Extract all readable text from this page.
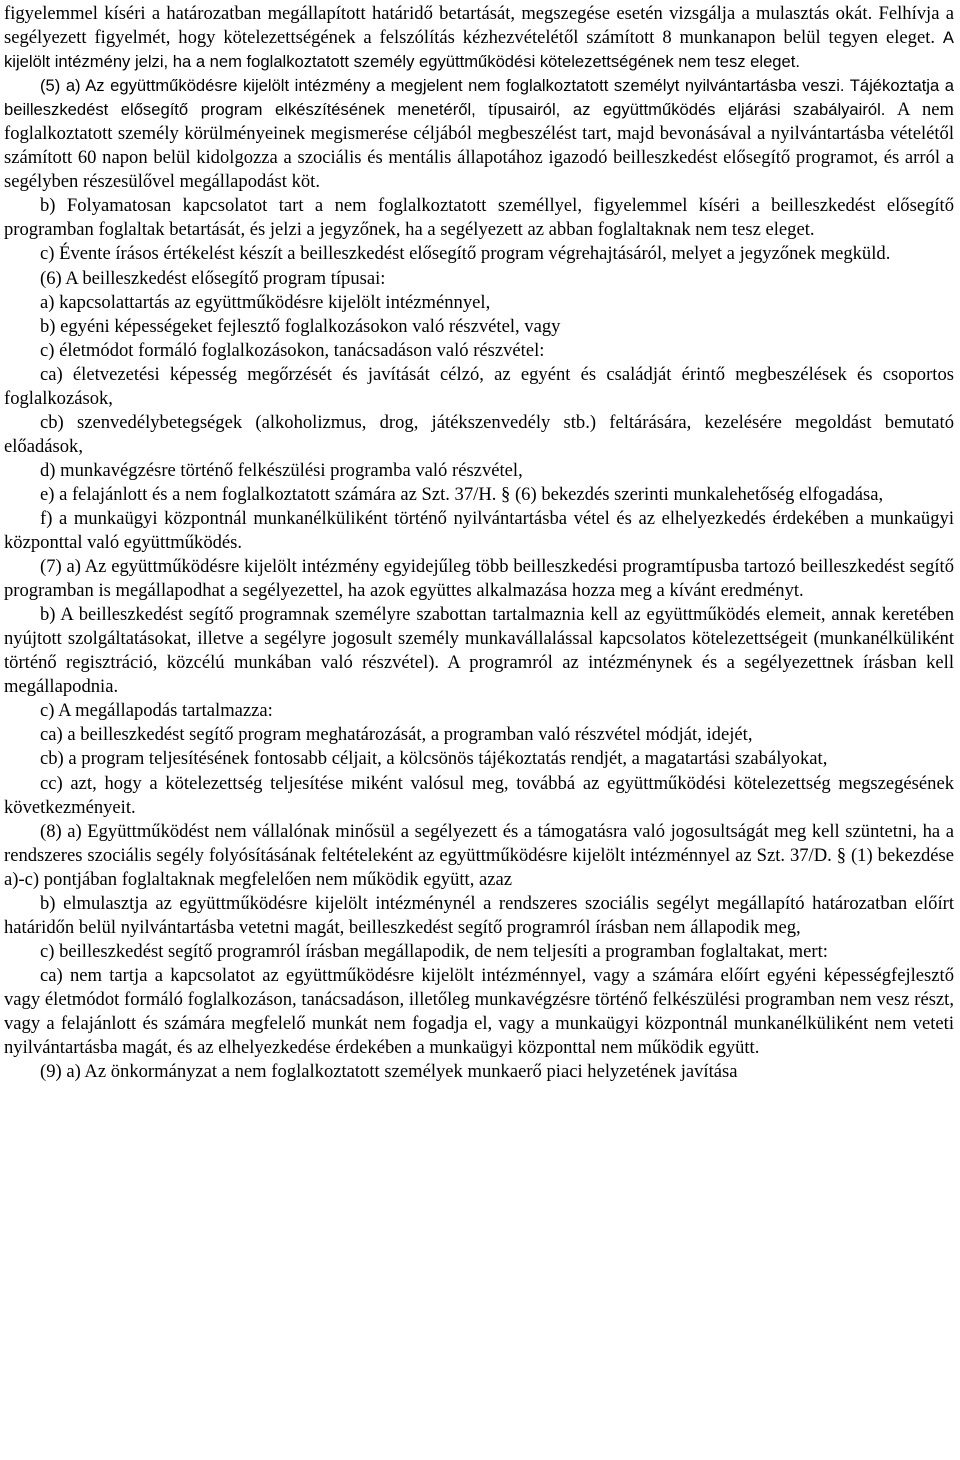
figyelemmel kíséri a határozatban megállapított határidő betartását, megszegése esetén vizsgálja a mulasztás okát. Felhívja a segélyezett figyelmét, hogy kötelezettségének a felszólítás kézhezvételétől számított 8 munkanapon belül tegyen eleget. A kijelölt intézmény jelzi, ha a nem foglalkoztatott személy együttműködési kötelezettségének nem tesz eleget.

(5) a) Az együttműködésre kijelölt intézmény a megjelent nem foglalkoztatott személyt nyilvántartásba veszi. Tájékoztatja a beilleszkedést elősegítő program elkészítésének menetéről, típusairól, az együttműködés eljárási szabályairól. A nem foglalkoztatott személy körülményeinek megismerése céljából megbeszélést tart, majd bevonásával a nyilvántartásba vételétől számított 60 napon belül kidolgozza a szociális és mentális állapotához igazodó beilleszkedést elősegítő programot, és arról a segélyben részesülővel megállapodást köt.

b) Folyamatosan kapcsolatot tart a nem foglalkoztatott személlyel, figyelemmel kíséri a beilleszkedést elősegítő programban foglaltak betartását, és jelzi a jegyzőnek, ha a segélyezett az abban foglaltaknak nem tesz eleget.

c) Évente írásos értékelést készít a beilleszkedést elősegítő program végrehajtásáról, melyet a jegyzőnek megküld.

(6) A beilleszkedést elősegítő program típusai:

a) kapcsolattartás az együttműködésre kijelölt intézménnyel,

b) egyéni képességeket fejlesztő foglalkozásokon való részvétel, vagy

c) életmódot formáló foglalkozásokon, tanácsadáson való részvétel:

ca) életvezetési képesség megőrzését és javítását célzó, az egyént és családját érintő megbeszélések és csoportos foglalkozások,

cb) szenvedélybetegségek (alkoholizmus, drog, játékszenvedély stb.) feltárására, kezelésére megoldást bemutató előadások,

d) munkavégzésre történő felkészülési programba való részvétel,

e) a felajánlott és a nem foglalkoztatott számára az Szt. 37/H. § (6) bekezdés szerinti munkalehetőség elfogadása,

f) a munkaügyi központnál munkanélküliként történő nyilvántartásba vétel és az elhelyezkedés érdekében a munkaügyi központtal való együttműködés.

(7) a) Az együttműködésre kijelölt intézmény egyidejűleg több beilleszkedési programtípusba tartozó beilleszkedést segítő programban is megállapodhat a segélyezettel, ha azok együttes alkalmazása hozza meg a kívánt eredményt.

b) A beilleszkedést segítő programnak személyre szabottan tartalmaznia kell az együttműködés elemeit, annak keretében nyújtott szolgáltatásokat, illetve a segélyre jogosult személy munkavállalással kapcsolatos kötelezettségeit (munkanélküliként történő regisztráció, közcélú munkában való részvétel). A programról az intézménynek és a segélyezettnek írásban kell megállapodnia.

c) A megállapodás tartalmazza:

ca) a beilleszkedést segítő program meghatározását, a programban való részvétel módját, idejét,

cb) a program teljesítésének fontosabb céljait, a kölcsönös tájékoztatás rendjét, a magatartási szabályokat,

cc) azt, hogy a kötelezettség teljesítése miként valósul meg, továbbá az együttműködési kötelezettség megszegésének következményeit.

(8) a) Együttműködést nem vállalónak minősül a segélyezett és a támogatásra való jogosultságát meg kell szüntetni, ha a rendszeres szociális segély folyósításának feltételeként az együttműködésre kijelölt intézménnyel az Szt. 37/D. § (1) bekezdése a)-c) pontjában foglaltaknak megfelelően nem működik együtt, azaz

b) elmulasztja az együttműködésre kijelölt intézménynél a rendszeres szociális segélyt megállapító határozatban előírt határidőn belül nyilvántartásba vetetni magát, beilleszkedést segítő programról írásban nem állapodik meg,

c) beilleszkedést segítő programról írásban megállapodik, de nem teljesíti a programban foglaltakat, mert:

ca) nem tartja a kapcsolatot az együttműködésre kijelölt intézménnyel, vagy a számára előírt egyéni képességfejlesztő vagy életmódot formáló foglalkozáson, tanácsadáson, illetőleg munkavégzésre történő felkészülési programban nem vesz részt, vagy a felajánlott és számára megfelelő munkát nem fogadja el, vagy a munkaügyi központnál munkanélküliként nem veteti nyilvántartásba magát, és az elhelyezkedése érdekében a munkaügyi központtal nem működik együtt.

(9) a) Az önkormányzat a nem foglalkoztatott személyek munkaerő piaci helyzetének javítása
